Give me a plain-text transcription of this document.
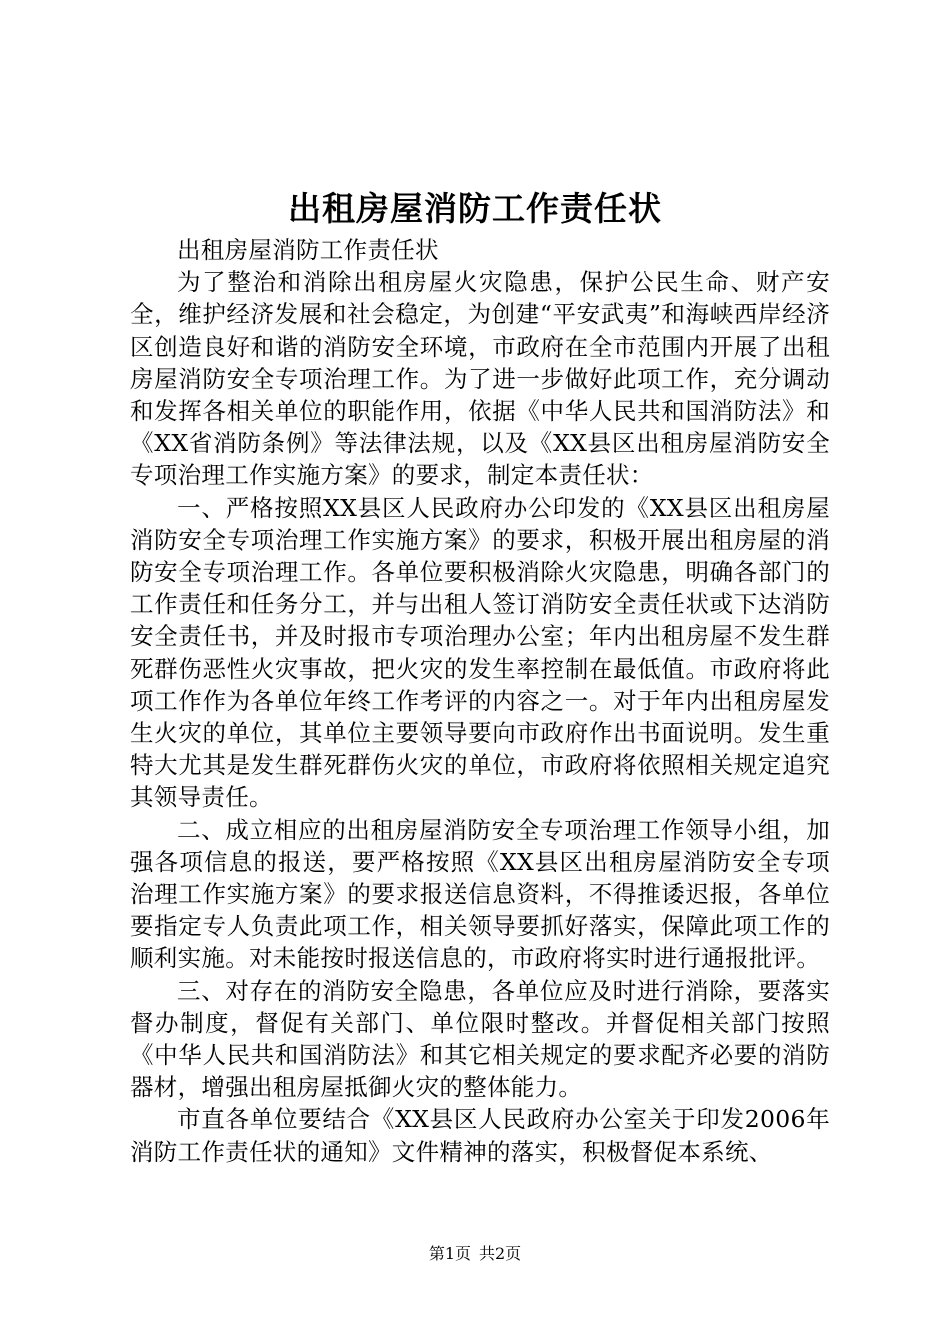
出租房屋消防工作责任状

出租房屋消防工作责任状

为了整治和消除出租房屋火灾隐患，保护公民生命、财产安全，维护经济发展和社会稳定，为创建“平安武夷”和海峡西岸经济区创造良好和谐的消防安全环境，市政府在全市范围内开展了出租房屋消防安全专项治理工作。为了进一步做好此项工作，充分调动和发挥各相关单位的职能作用，依据《中华人民共和国消防法》和《XX省消防条例》等法律法规，以及《XX县区出租房屋消防安全专项治理工作实施方案》的要求，制定本责任状：

一、严格按照XX县区人民政府办公印发的《XX县区出租房屋消防安全专项治理工作实施方案》的要求，积极开展出租房屋的消防安全专项治理工作。各单位要积极消除火灾隐患，明确各部门的工作责任和任务分工，并与出租人签订消防安全责任状或下达消防安全责任书，并及时报市专项治理办公室；年内出租房屋不发生群死群伤恶性火灾事故，把火灾的发生率控制在最低值。市政府将此项工作作为各单位年终工作考评的内容之一。对于年内出租房屋发生火灾的单位，其单位主要领导要向市政府作出书面说明。发生重特大尤其是发生群死群伤火灾的单位，市政府将依照相关规定追究其领导责任。

二、成立相应的出租房屋消防安全专项治理工作领导小组，加强各项信息的报送，要严格按照《XX县区出租房屋消防安全专项治理工作实施方案》的要求报送信息资料，不得推诿迟报，各单位要指定专人负责此项工作，相关领导要抓好落实，保障此项工作的顺利实施。对未能按时报送信息的，市政府将实时进行通报批评。

三、对存在的消防安全隐患，各单位应及时进行消除，要落实督办制度，督促有关部门、单位限时整改。并督促相关部门按照《中华人民共和国消防法》和其它相关规定的要求配齐必要的消防器材，增强出租房屋抵御火灾的整体能力。

市直各单位要结合《XX县区人民政府办公室关于印发2006年消防工作责任状的通知》文件精神的落实，积极督促本系统、

第1页 共2页
